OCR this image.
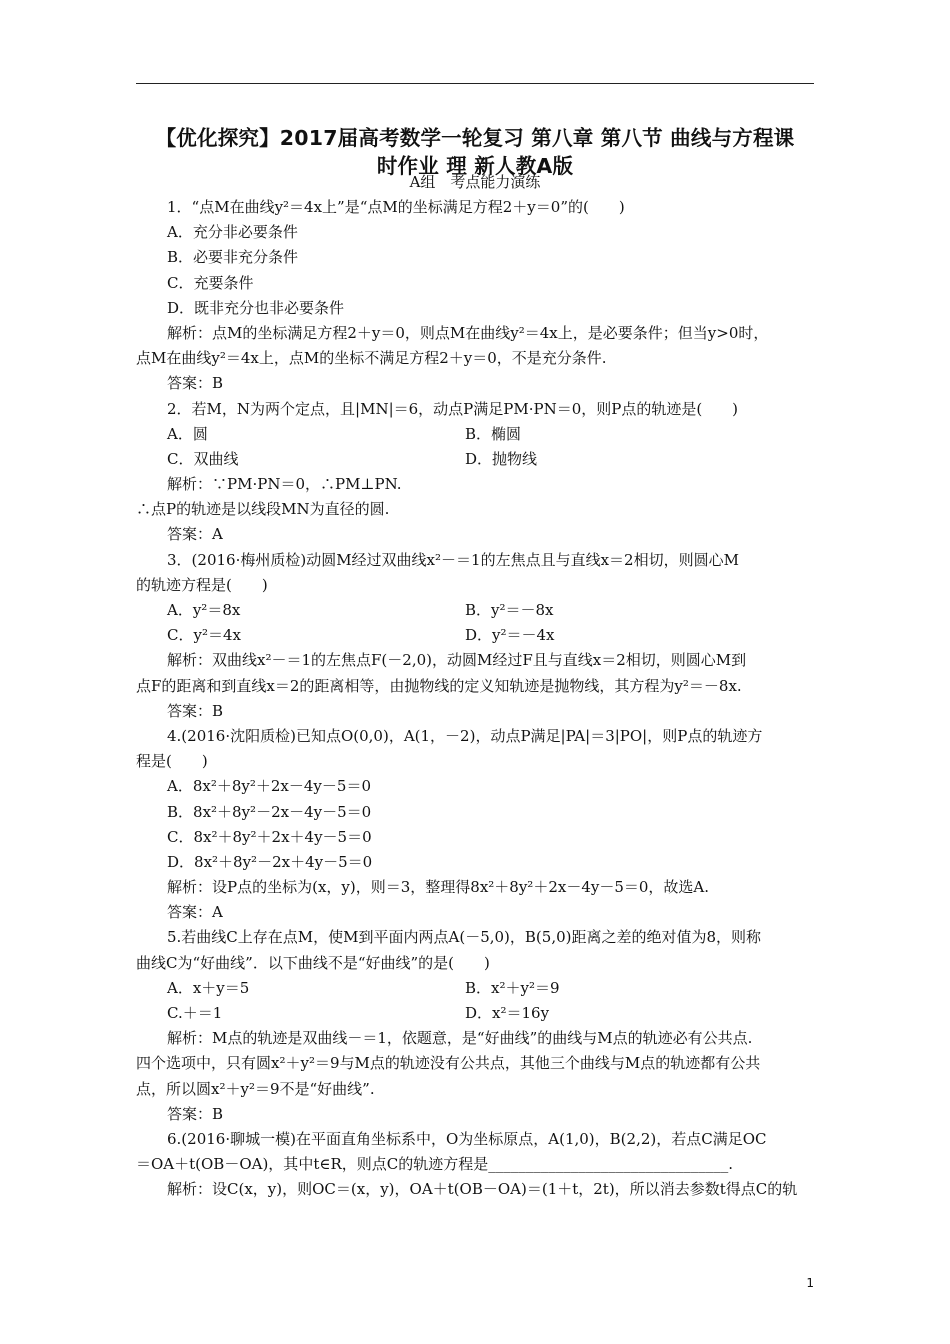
【优化探究】2017届高考数学一轮复习 第八章 第八节 曲线与方程课
时作业 理 新人教A版
A组　考点能力演练
1．“点M在曲线y²＝4x上”是“点M的坐标满足方程2＋y＝0”的(　　)
A．充分非必要条件
B．必要非充分条件
C．充要条件
D．既非充分也非必要条件
解析：点M的坐标满足方程2＋y＝0，则点M在曲线y²＝4x上，是必要条件；但当y>0时，
点M在曲线y²＝4x上，点M的坐标不满足方程2＋y＝0，不是充分条件.
答案：B
2．若M，N为两个定点，且|MN|＝6，动点P满足PM·PN＝0，则P点的轨迹是(　　)
A．圆	B．椭圆
C．双曲线	D．抛物线
解析：∵PM·PN＝0，∴PM⊥PN.
∴点P的轨迹是以线段MN为直径的圆.
答案：A
3．(2016·梅州质检)动圆M经过双曲线x²－＝1的左焦点且与直线x＝2相切，则圆心M
的轨迹方程是(　　)
A．y²＝8x	B．y²＝－8x
C．y²＝4x	D．y²＝－4x
解析：双曲线x²－＝1的左焦点F(－2,0)，动圆M经过F且与直线x＝2相切，则圆心M到
点F的距离和到直线x＝2的距离相等，由抛物线的定义知轨迹是抛物线，其方程为y²＝－8x.
答案：B
4.(2016·沈阳质检)已知点O(0,0)，A(1，－2)，动点P满足|PA|＝3|PO|，则P点的轨迹方
程是(　　)
A．8x²＋8y²＋2x－4y－5＝0
B．8x²＋8y²－2x－4y－5＝0
C．8x²＋8y²＋2x＋4y－5＝0
D．8x²＋8y²－2x＋4y－5＝0
解析：设P点的坐标为(x，y)，则＝3，整理得8x²＋8y²＋2x－4y－5＝0，故选A.
答案：A
5.若曲线C上存在点M，使M到平面内两点A(－5,0)，B(5,0)距离之差的绝对值为8，则称
曲线C为“好曲线”．以下曲线不是“好曲线”的是(　　)
A．x＋y＝5	B．x²＋y²＝9
C.＋＝1	D．x²＝16y
解析：M点的轨迹是双曲线－＝1，依题意，是“好曲线”的曲线与M点的轨迹必有公共点.
四个选项中，只有圆x²＋y²＝9与M点的轨迹没有公共点，其他三个曲线与M点的轨迹都有公共
点，所以圆x²＋y²＝9不是“好曲线”.
答案：B
6.(2016·聊城一模)在平面直角坐标系中，O为坐标原点，A(1,0)，B(2,2)，若点C满足OC
＝OA＋t(OB－OA)，其中t∈R，则点C的轨迹方程是________________________________.
解析：设C(x，y)，则OC＝(x，y)，OA＋t(OB－OA)＝(1＋t，2t)，所以消去参数t得点C的轨
1
